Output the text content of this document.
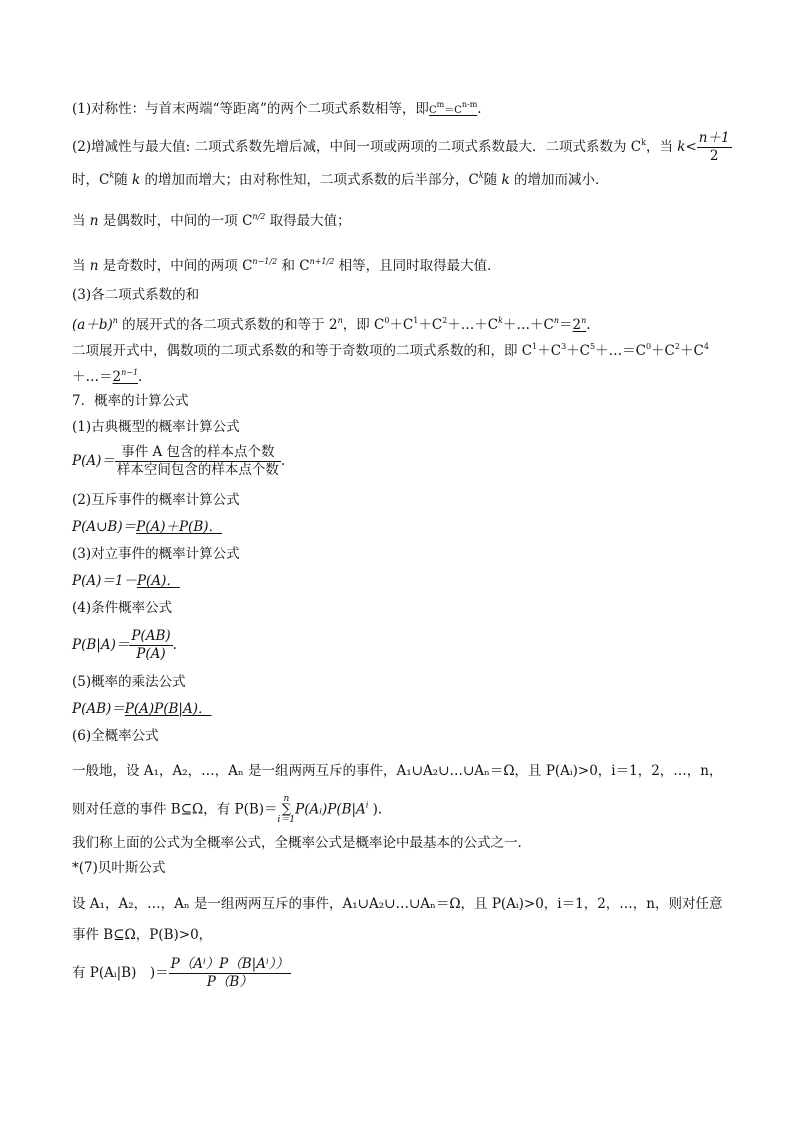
(1)对称性：与首末两端“等距离”的两个二项式系数相等，即$C^m=C^{n-m}$.
(2)增减性与最大值: 二项式系数先增后减，中间一项或两项的二项式系数最大．二项式系数为 $C^k$，当 $k< \frac{n+1}{2}$
时，$C^k$随 k 的增加而增大；由对称性知，二项式系数的后半部分，$C^k$随 k 的增加而减小．
当 n 是偶数时，中间的一项 $C^{n/2}$ 取得最大值；
当 n 是奇数时，中间的两项 $C^{n-1/2}$ 和 $C^{n+1/2}$ 相等，且同时取得最大值．
(3)各二项式系数的和
$(a+b)^n$ 的展开式的各二项式系数的和等于 2$^n$，即 $C^0+C^1+C^2+\dots+C^k+\dots+C^n=2^n$.
二项展开式中，偶数项的二项式系数的和等于奇数项的二项式系数的和，即 $C^1+C^3+C^5+\dots=C^0+C^2+C^4$
$+\dots=2^{n-1}$.
7．概率的计算公式
(1)古典概型的概率计算公式
$P(A)= \frac{\text{事件 A 包含的样本点个数}}{\text{样本空间包含的样本点个数}}$ .
(2)互斥事件的概率计算公式
P(A∪B)＝P(A)＋P(B)．
(3)对立事件的概率计算公式
P(A)＝1－P(A)．
(4)条件概率公式
$P(B|A)= \frac{P(AB)}{P(A)}$ .
(5)概率的乘法公式
P(AB)＝P(A)P(B|A)．
(6)全概率公式
一般地，设 A₁，A₂，…，Aₙ 是一组两两互斥的事件，A₁∪A₂∪…∪Aₙ＝Ω，且 P(Aᵢ)>0，i＝1，2，…，n，
则对任意的事件 B⊆Ω，有 P(B)＝n
∑
$i=1P(Aᵢ)P(B|A^i$ ).
我们称上面的公式为全概率公式，全概率公式是概率论中最基本的公式之一．
*(7)贝叶斯公式
设 A₁，A₂，…，Aₙ 是一组两两互斥的事件，A₁∪A₂∪…∪Aₙ＝Ω，且 P(Aᵢ)>0，i＝1，2，…，n，则对任意
事件 B⊆Ω，P(B)>0，
有 P(Aᵢ|B)　)＝ $\frac{\text{P（Aⁱ）P（B|Aⁱ））}}{P(B)}$
